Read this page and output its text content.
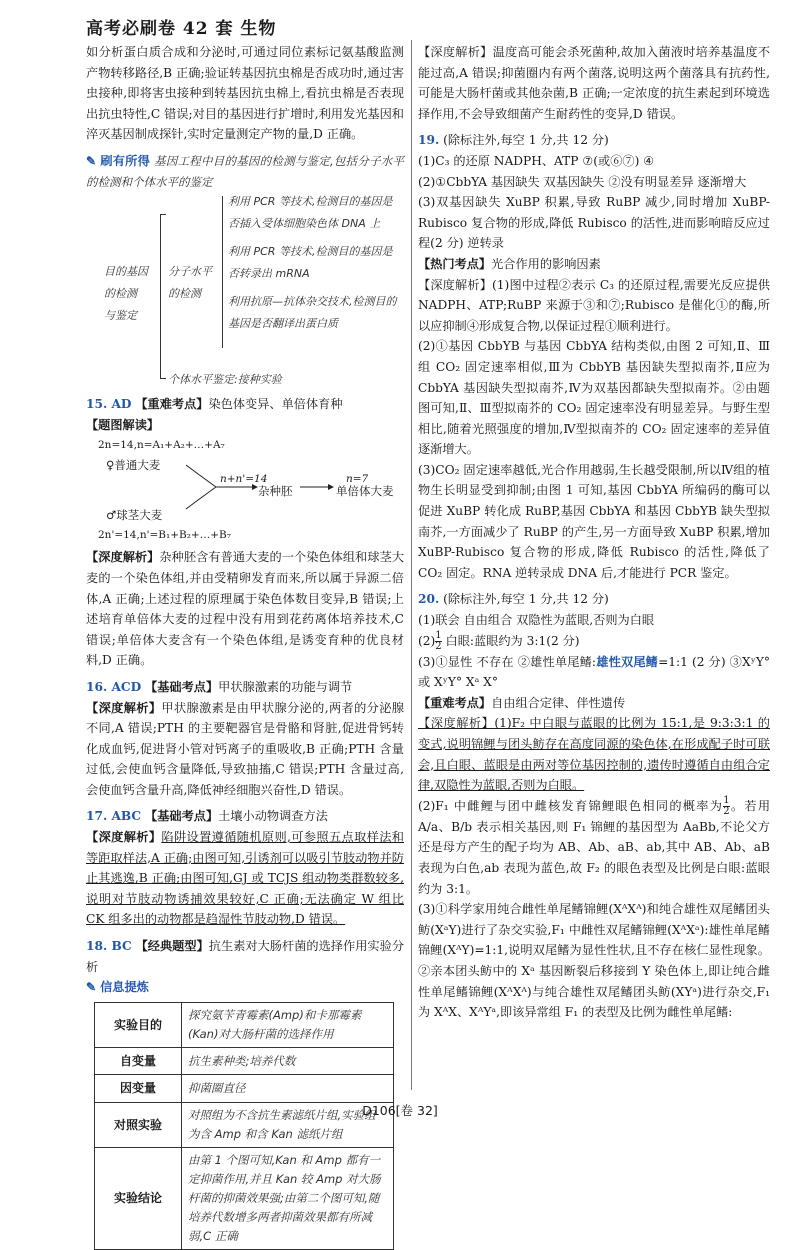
高考必刷卷 42 套 生物

如分析蛋白质合成和分泌时,可通过同位素标记氨基酸监测产物转移路径,B 正确;验证转基因抗虫棉是否成功时,通过害虫接种,即将害虫接种到转基因抗虫棉上,看抗虫棉是否表现出抗虫特性,C 错误;对目的基因进行扩增时,利用发光基因和淬灭基因制成探针,实时定量测定产物的量,D 正确。

✎ 刷有所得 基因工程中目的基因的检测与鉴定,包括分子水平的检测和个体水平的鉴定

目的基因
的检测
与鉴定
分子水平
的检测
利用 PCR 等技术,检测目的基因是
否插入受体细胞染色体 DNA 上
利用 PCR 等技术,检测目的基因是
否转录出 mRNA
利用抗原—抗体杂交技术,检测目的
基因是否翻译出蛋白质
个体水平鉴定:接种实验

15. AD 【重难考点】染色体变异、单倍体育种

【题图解读】

2n=14,n=A₁+A₂+…+A₇
♀普通大麦
♂球茎大麦
2n'=14,n'=B₁+B₂+…+B₇
n+n'=14
杂种胚
n=7
单倍体大麦

【深度解析】杂种胚含有普通大麦的一个染色体组和球茎大麦的一个染色体组,并由受精卵发育而来,所以属于异源二倍体,A 正确;上述过程的原理属于染色体数目变异,B 错误;上述培育单倍体大麦的过程中没有用到花药离体培养技术,C 错误;单倍体大麦含有一个染色体组,是诱变育种的优良材料,D 正确。

16. ACD 【基础考点】甲状腺激素的功能与调节

【深度解析】甲状腺激素是由甲状腺分泌的,两者的分泌腺不同,A 错误;PTH 的主要靶器官是骨骼和肾脏,促进骨钙转化成血钙,促进肾小管对钙离子的重吸收,B 正确;PTH 含量过低,会使血钙含量降低,导致抽搐,C 错误;PTH 含量过高,会使血钙含量升高,降低神经细胞兴奋性,D 错误。

17. ABC 【基础考点】土壤小动物调查方法

【深度解析】陷阱设置遵循随机原则,可参照五点取样法和等距取样法,A 正确;由图可知,引诱剂可以吸引节肢动物并防止其逃逸,B 正确;由图可知,GJ 或 TCJS 组动物类群数较多,说明对节肢动物诱捕效果较好,C 正确;无法确定 W 组比 CK 组多出的动物都是趋湿性节肢动物,D 错误。

18. BC 【经典题型】抗生素对大肠杆菌的选择作用实验分析

✎ 信息提炼

实验目的	探究氨苄青霉素(Amp)和卡那霉素(Kan)对大肠杆菌的选择作用
自变量	抗生素种类;培养代数
因变量	抑菌圈直径
对照实验	对照组为不含抗生素滤纸片组,实验组为含 Amp 和含 Kan 滤纸片组
实验结论	由第 1 个图可知,Kan 和 Amp 都有一定抑菌作用,并且 Kan 较 Amp 对大肠杆菌的抑菌效果强;由第二个图可知,随培养代数增多两者抑菌效果都有所减弱,C 正确

【深度解析】温度高可能会杀死菌种,故加入菌液时培养基温度不能过高,A 错误;抑菌圈内有两个菌落,说明这两个菌落具有抗药性,可能是大肠杆菌或其他杂菌,B 正确;一定浓度的抗生素起到环境选择作用,不会导致细菌产生耐药性的变异,D 错误。

19. (除标注外,每空 1 分,共 12 分)

(1)C₃ 的还原 NADPH、ATP ⑦(或⑥⑦) ④

(2)①CbbYA 基因缺失 双基因缺失 ②没有明显差异 逐渐增大

(3)双基因缺失 XuBP 积累,导致 RuBP 减少,同时增加 XuBP-Rubisco 复合物的形成,降低 Rubisco 的活性,进而影响暗反应过程(2 分) 逆转录

【热门考点】光合作用的影响因素

【深度解析】(1)图中过程②表示 C₃ 的还原过程,需要光反应提供 NADPH、ATP;RuBP 来源于③和⑦;Rubisco 是催化①的酶,所以应抑制④形成复合物,以保证过程①顺利进行。

(2)①基因 CbbYB 与基因 CbbYA 结构类似,由图 2 可知,Ⅱ、Ⅲ组 CO₂ 固定速率相似,Ⅲ为 CbbYB 基因缺失型拟南芥,Ⅱ应为 CbbYA 基因缺失型拟南芥,Ⅳ为双基因都缺失型拟南芥。②由题图可知,Ⅱ、Ⅲ型拟南芥的 CO₂ 固定速率没有明显差异。与野生型相比,随着光照强度的增加,Ⅳ型拟南芥的 CO₂ 固定速率的差异值逐渐增大。

(3)CO₂ 固定速率越低,光合作用越弱,生长越受限制,所以Ⅳ组的植物生长明显受到抑制;由图 1 可知,基因 CbbYA 所编码的酶可以促进 XuBP 转化成 RuBP,基因 CbbYA 和基因 CbbYB 缺失型拟南芥,一方面减少了 RuBP 的产生,另一方面导致 XuBP 积累,增加 XuBP-Rubisco 复合物的形成,降低 Rubisco 的活性,降低了 CO₂ 固定。RNA 逆转录成 DNA 后,才能进行 PCR 鉴定。

20. (除标注外,每空 1 分,共 12 分)

(1)联会 自由组合 双隐性为蓝眼,否则为白眼

$(2) \frac{1}{2}$ 白眼:蓝眼约为 3:1(2 分)

(3)①显性 不存在 ②雄性单尾鳍:雄性双尾鳍=1:1 (2 分) ③XʸY° 或 XʸY° Xᵃ X°

【重难考点】自由组合定律、伴性遗传

【深度解析】(1)F₂ 中白眼与蓝眼的比例为 15:1,是 9:3:3:1 的变式,说明锦鲤与团头鲂存在高度同源的染色体,在形成配子时可联会,且白眼、蓝眼是由两对等位基因控制的,遗传时遵循自由组合定律,双隐性为蓝眼,否则为白眼。

(2)F₁ 中雌鲤与团中雌核发育锦鲤眼色相同的概率为 $\frac{1}{2}$ 。若用 A/a、B/b 表示相关基因,则 F₁ 锦鲤的基因型为 AaBb,不论父方还是母方产生的配子均为 AB、Ab、aB、ab,其中 AB、Ab、aB 表现为白色,ab 表现为蓝色,故 F₂ 的眼色表型及比例是白眼:蓝眼约为 3:1。

(3)①科学家用纯合雌性单尾鳍锦鲤(XᴬXᴬ)和纯合雄性双尾鳍团头鲂(XᵃY)进行了杂交实验,F₁ 中雌性双尾鳍锦鲤(XᴬXᵃ):雄性单尾鳍锦鲤(XᴬY)=1:1,说明双尾鳍为显性性状,且不存在核仁显性现象。②亲本团头鲂中的 Xᵃ 基因断裂后移接到 Y 染色体上,即让纯合雌性单尾鳍锦鲤(XᴬXᴬ)与纯合雄性双尾鳍团头鲂(XYᵃ)进行杂交,F₁ 为 XᴬX、XᴬYᵃ,即该异常组 F₁ 的表型及比例为雌性单尾鳍:

D106[卷 32]
